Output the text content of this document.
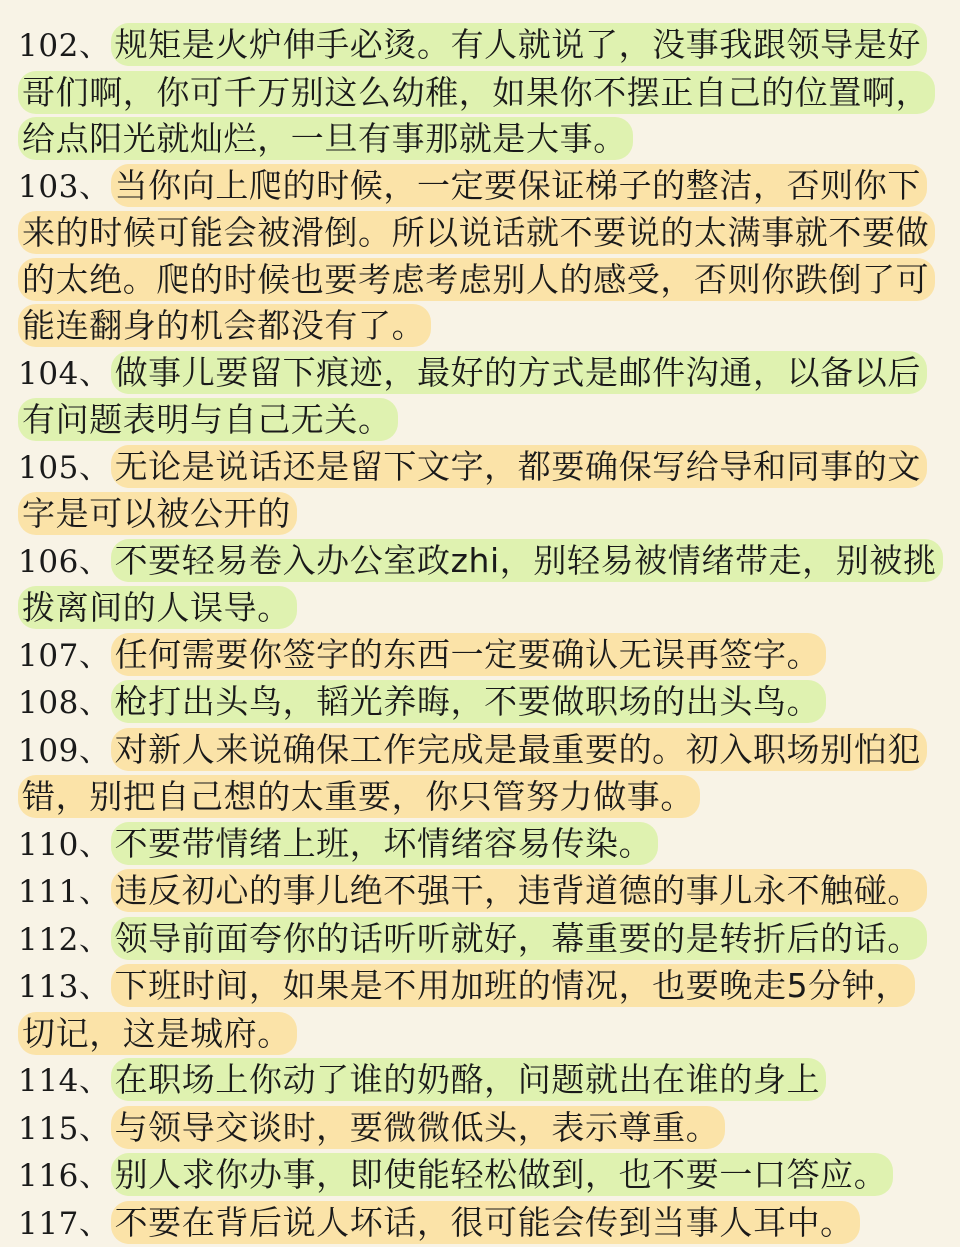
102、 规矩是火炉伸手必烫。有人就说了，没事我跟领导是好哥们啊，你可千万别这么幼稚，如果你不摆正自己的位置啊，给点阳光就灿烂，一旦有事那就是大事。

103、 当你向上爬的时候，一定要保证梯子的整洁，否则你下来的时候可能会被滑倒。所以说话就不要说的太满事就不要做的太绝。爬的时候也要考虑考虑别人的感受，否则你跌倒了可能连翻身的机会都没有了。

104、 做事儿要留下痕迹，最好的方式是邮件沟通，以备以后有问题表明与自己无关。

105、 无论是说话还是留下文字，都要确保写给导和同事的文字是可以被公开的

106、 不要轻易卷入办公室政zhi，别轻易被情绪带走，别被挑拨离间的人误导。

107、 任何需要你签字的东西一定要确认无误再签字。

108、 枪打出头鸟，韬光养晦，不要做职场的出头鸟。

109、 对新人来说确保工作完成是最重要的。初入职场别怕犯错，别把自己想的太重要，你只管努力做事。

110、 不要带情绪上班，坏情绪容易传染。

111、 违反初心的事儿绝不强干，违背道德的事儿永不触碰。

112、 领导前面夸你的话听听就好，幕重要的是转折后的话。

113、 下班时间，如果是不用加班的情况，也要晚走5分钟，切记，这是城府。

114、 在职场上你动了谁的奶酪，问题就出在谁的身上

115、 与领导交谈时，要微微低头，表示尊重。

116、 别人求你办事，即使能轻松做到，也不要一口答应。

117、 不要在背后说人坏话，很可能会传到当事人耳中。
